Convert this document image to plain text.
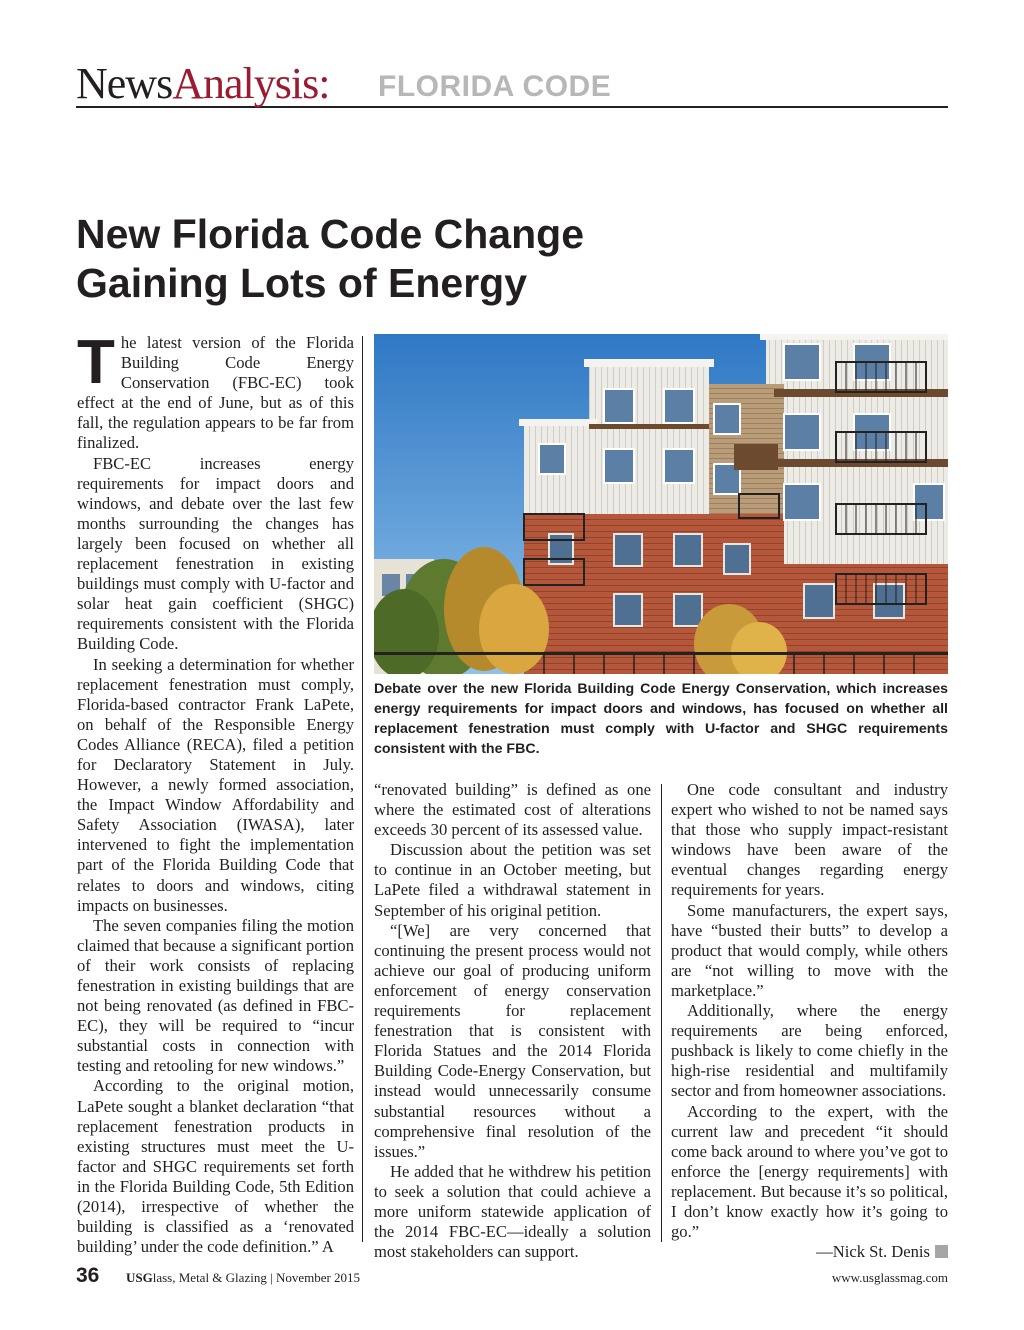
NewsAnalysis: FLORIDA CODE
New Florida Code Change
Gaining Lots of Energy

The latest version of the Florida Building Code Energy Conservation (FBC-EC) took effect at the end of June, but as of this fall, the regulation appears to be far from finalized.

FBC-EC increases energy requirements for impact doors and windows, and debate over the last few months surrounding the changes has largely been focused on whether all replacement fenestration in existing buildings must comply with U-factor and solar heat gain coefficient (SHGC) requirements consistent with the Florida Building Code.

In seeking a determination for whether replacement fenestration must comply, Florida-based contractor Frank LaPete, on behalf of the Responsible Energy Codes Alliance (RECA), filed a petition for Declaratory Statement in July. However, a newly formed association, the Impact Window Affordability and Safety Association (IWASA), later intervened to fight the implementation part of the Florida Building Code that relates to doors and windows, citing impacts on businesses.

The seven companies filing the motion claimed that because a significant portion of their work consists of replacing fenestration in existing buildings that are not being renovated (as defined in FBC-EC), they will be required to “incur substantial costs in connection with testing and retooling for new windows.”

According to the original motion, LaPete sought a blanket declaration “that replacement fenestration products in existing structures must meet the U-factor and SHGC requirements set forth in the Florida Building Code, 5th Edition (2014), irrespective of whether the building is classified as a ‘renovated building’ under the code definition.” A

Debate over the new Florida Building Code Energy Conservation, which increases energy requirements for impact doors and windows, has focused on whether all replacement fenestration must comply with U-factor and SHGC requirements consistent with the FBC.

“renovated building” is defined as one where the estimated cost of alterations exceeds 30 percent of its assessed value.

Discussion about the petition was set to continue in an October meeting, but LaPete filed a withdrawal statement in September of his original petition.

“[We] are very concerned that continuing the present process would not achieve our goal of producing uniform enforcement of energy conservation requirements for replacement fenestration that is consistent with Florida Statues and the 2014 Florida Building Code-Energy Conservation, but instead would unnecessarily consume substantial resources without a comprehensive final resolution of the issues.”

He added that he withdrew his petition to seek a solution that could achieve a more uniform statewide application of the 2014 FBC-EC—ideally a solution most stakeholders can support.

One code consultant and industry expert who wished to not be named says that those who supply impact-resistant windows have been aware of the eventual changes regarding energy requirements for years.

Some manufacturers, the expert says, have “busted their butts” to develop a product that would comply, while others are “not willing to move with the marketplace.”

Additionally, where the energy requirements are being enforced, pushback is likely to come chiefly in the high-rise residential and multifamily sector and from homeowner associations.

According to the expert, with the current law and precedent “it should come back around to where you’ve got to enforce the [energy requirements] with replacement. But because it’s so political, I don’t know exactly how it’s going to go.”

—Nick St. Denis

36 USGlass, Metal & Glazing | November 2015	www.usglassmag.com
